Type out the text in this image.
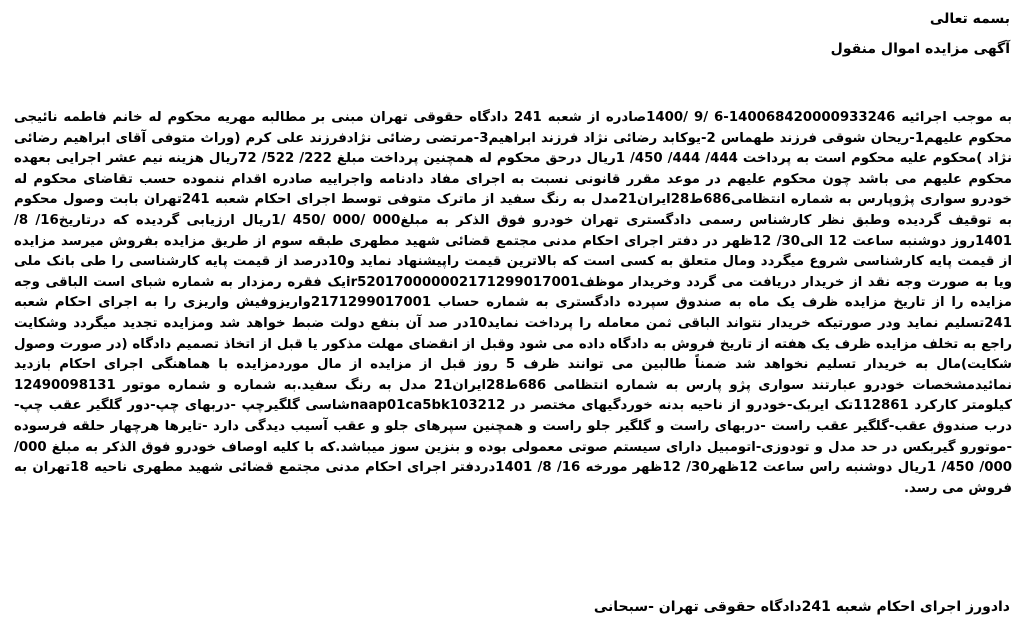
بسمه تعالی
آگهی مزایده اموال منقول

به موجب اجرائیه 140068420000933246-6 /9 /1400صادره از شعبه 241 دادگاه حقوقی تهران مبنی بر مطالبه مهریه محکوم له خانم فاطمه نائیجی محکوم علیهم1-ریحان شوقی فرزند طهماس 2-یوکابد رضائی نژاد فرزند ابراهیم3-مرتضی رضائی نژادفرزند علی کرم (وراث متوفی آقای ابراهیم رضائی نژاد )محکوم علیه محکوم است به پرداخت 444/ 444/ 450/ 1ریال درحق محکوم له همچنین پرداخت مبلغ 222/ 522/ 72ریال هزینه نیم عشر اجرایی بعهده محکوم علیهم می باشد چون محکوم علیهم در موعد مقرر قانونی نسبت به اجرای مفاد دادنامه واجراییه صادره اقدام ننموده حسب تقاضای محکوم له خودرو سواری پژوپارس به شماره انتظامی686ط28ایران21مدل به رنگ سفید از ماترک متوفی توسط اجرای احکام شعبه 241تهران بابت وصول محکوم به توقیف گردیده وطبق نظر کارشناس رسمی دادگستری تهران خودرو فوق الذکر به مبلغ000 /000 /450 /1ریال ارزیابی گردیده که درتاریخ16/ 8/ 1401روز دوشنبه ساعت 12 الی30/ 12ظهر در دفتر اجرای احکام مدنی مجتمع قضائی شهید مطهری طبقه سوم از طریق مزایده بفروش میرسد مزایده از قیمت پایه کارشناسی شروع میگردد ومال متعلق به کسی است که بالاترین قیمت راپیشنهاد نماید و10درصد از قیمت پایه کارشناسی را طی بانک ملی ویا به صورت وجه نقد از خریدار دریافت می گردد وخریدار موظفir520170000002171299017001یک فقره رمزدار به شماره شبای است الباقی وجه مزایده را از تاریخ مزایده ظرف یک ماه به صندوق سپرده دادگستری به شماره حساب 2171299017001واریزوفیش واریزی را به اجرای احکام شعبه 241تسلیم نماید ودر صورتیکه خریدار نتواند الباقی ثمن معامله را پرداخت نماید10در صد آن بنفع دولت ضبط خواهد شد ومزایده تجدید میگردد وشکایت راجع به تخلف مزایده ظرف یک هفته از تاریخ فروش به دادگاه داده می شود وقبل از انقضای مهلت مذکور یا قبل از اتخاذ تصمیم دادگاه (در صورت وصول شکایت)مال به خریدار تسلیم نخواهد شد ضمناً طالبین می توانند ظرف 5 روز قبل از مزایده از مال موردمزایده با هماهنگی اجرای احکام بازدید نمائیدمشخصات خودرو عبارتند سواری پژو پارس به شماره انتظامی 686ط28ایران21 مدل به رنگ سفید.به شماره و شماره موتور 12490098131 کیلومتر کارکرد 112861تک ایربک-خودرو از ناحیه بدنه خوردگیهای مختصر در naap01ca5bk103212شاسی گلگیرچپ -دربهای چپ-دور گلگیر عقب چپ-درب صندوق عقب-گلگیر عقب راست -دربهای راست و گلگیر جلو راست و همچنین سپرهای جلو و عقب آسیب دیدگی دارد -تایرها هرچهار حلقه فرسوده -موتورو گیربکس در حد مدل و تودوزی-اتومبیل دارای سیستم صوتی معمولی بوده و بنزین سوز میباشد.که با کلیه اوصاف خودرو فوق الذکر به مبلغ 000/ 000/ 450/ 1ریال دوشنبه راس ساعت 12ظهر30/ 12ظهر مورخه 16/ 8/ 1401دردفتر اجرای احکام مدنی مجتمع قضائی شهید مطهری ناحیه 18تهران به فروش می رسد.

دادورز اجرای احکام شعبه 241دادگاه حقوقی تهران -سبحانی
